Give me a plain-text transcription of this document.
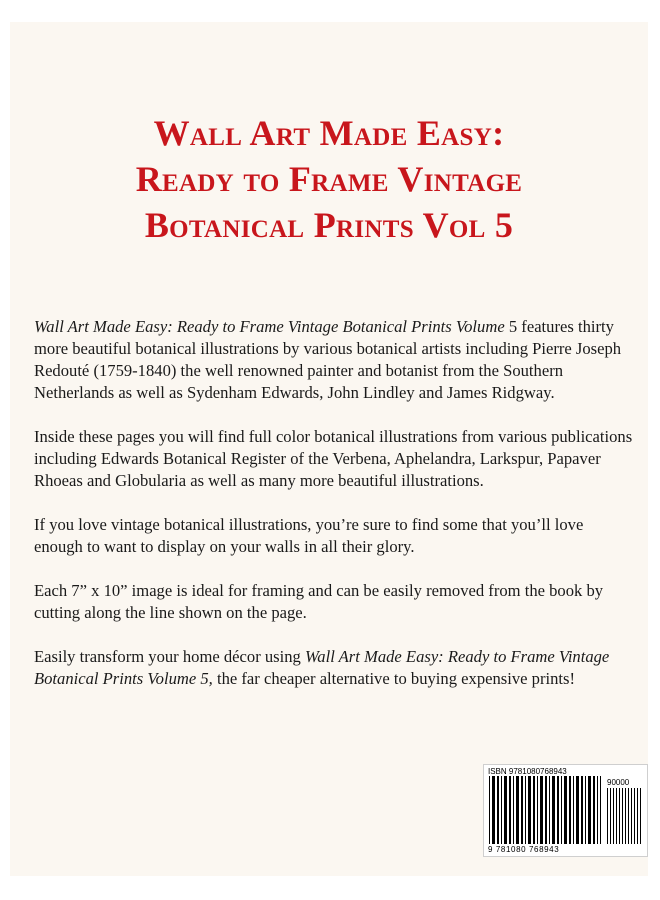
Wall Art Made Easy:
Ready to Frame Vintage
Botanical Prints Vol 5

Wall Art Made Easy: Ready to Frame Vintage Botanical Prints Volume 5 features thirty more beautiful botanical illustrations by various botanical artists including Pierre Joseph Redouté (1759-1840) the well renowned painter and botanist from the Southern Netherlands as well as Sydenham Edwards, John Lindley and James Ridgway.

Inside these pages you will find full color botanical illustrations from various publications including Edwards Botanical Register of the Verbena, Aphelandra, Larkspur, Papaver Rhoeas and Globularia as well as many more beautiful illustrations.

If you love vintage botanical illustrations, you’re sure to find some that you’ll love enough to want to display on your walls in all their glory.

Each 7” x 10” image is ideal for framing and can be easily removed from the book by cutting along the line shown on the page.

Easily transform your home décor using Wall Art Made Easy: Ready to Frame Vintage Botanical Prints Volume 5, the far cheaper alternative to buying expensive prints!

ISBN 9781080768943
90000
9 781080 768943
